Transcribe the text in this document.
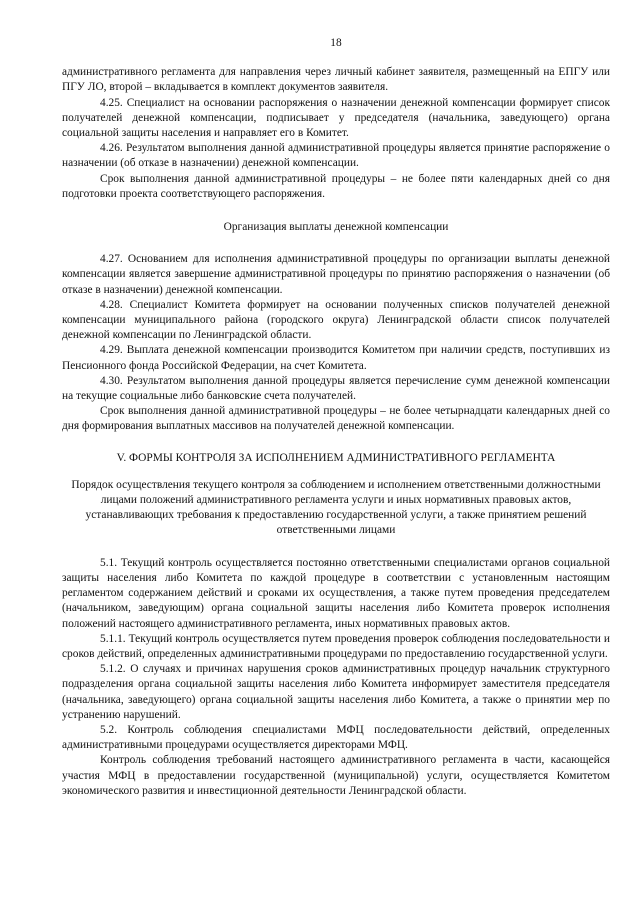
18

административного регламента для направления через личный кабинет заявителя, размещенный на ЕПГУ или ПГУ ЛО, второй – вкладывается в комплект документов заявителя.

4.25. Специалист на основании распоряжения о назначении денежной компенсации формирует список получателей денежной компенсации, подписывает у председателя (начальника, заведующего) органа социальной защиты населения и направляет его в Комитет.

4.26. Результатом выполнения данной административной процедуры является принятие распоряжение о назначении (об отказе в назначении) денежной компенсации.

Срок выполнения данной административной процедуры – не более пяти календарных дней со дня подготовки проекта соответствующего распоряжения.

Организация выплаты денежной компенсации

4.27. Основанием для исполнения административной процедуры по организации выплаты денежной компенсации является завершение административной процедуры по принятию распоряжения о назначении (об отказе в назначении) денежной компенсации.

4.28. Специалист Комитета формирует на основании полученных списков получателей денежной компенсации муниципального района (городского округа) Ленинградской области список получателей денежной компенсации по Ленинградской области.

4.29. Выплата денежной компенсации производится Комитетом при наличии средств, поступивших из Пенсионного фонда Российской Федерации, на счет Комитета.

4.30. Результатом выполнения данной процедуры является перечисление сумм денежной компенсации на текущие социальные либо банковские счета получателей.

Срок выполнения данной административной процедуры – не более четырнадцати календарных дней со дня формирования выплатных массивов на получателей денежной компенсации.

V. ФОРМЫ КОНТРОЛЯ ЗА ИСПОЛНЕНИЕМ АДМИНИСТРАТИВНОГО РЕГЛАМЕНТА
Порядок осуществления текущего контроля за соблюдением и исполнением ответственными должностными лицами положений административного регламента услуги и иных нормативных правовых актов, устанавливающих требования к предоставлению государственной услуги, а также принятием решений ответственными лицами

5.1. Текущий контроль осуществляется постоянно ответственными специалистами органов социальной защиты населения либо Комитета по каждой процедуре в соответствии с установленным настоящим регламентом содержанием действий и сроками их осуществления, а также путем проведения председателем (начальником, заведующим) органа социальной защиты населения либо Комитета проверок исполнения положений настоящего административного регламента, иных нормативных правовых актов.

5.1.1. Текущий контроль осуществляется путем проведения проверок соблюдения последовательности и сроков действий, определенных административными процедурами по предоставлению государственной услуги.

5.1.2. О случаях и причинах нарушения сроков административных процедур начальник структурного подразделения органа социальной защиты населения либо Комитета информирует заместителя председателя (начальника, заведующего) органа социальной защиты населения либо Комитета, а также о принятии мер по устранению нарушений.

5.2. Контроль соблюдения специалистами МФЦ последовательности действий, определенных административными процедурами осуществляется директорами МФЦ.

Контроль соблюдения требований настоящего административного регламента в части, касающейся участия МФЦ в предоставлении государственной (муниципальной) услуги, осуществляется Комитетом экономического развития и инвестиционной деятельности Ленинградской области.
